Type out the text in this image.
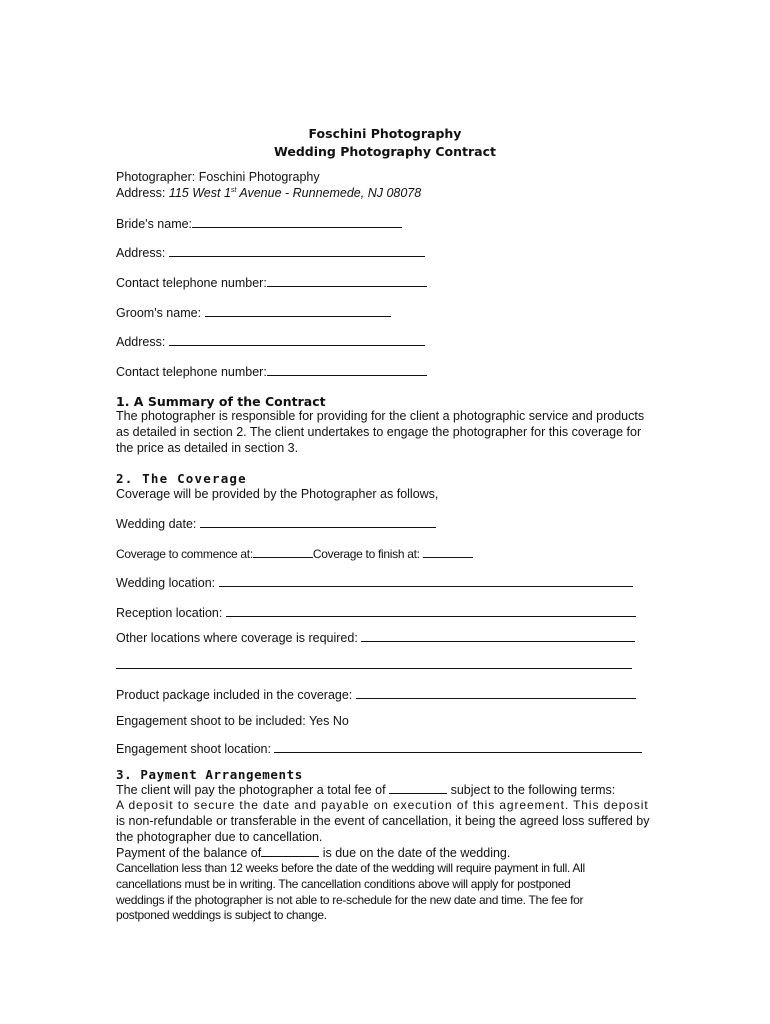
Foschini Photography
Wedding Photography Contract
Photographer: Foschini Photography
Address: 115 West 1st Avenue - Runnemede, NJ 08078
Bride's name:
Address:
Contact telephone number:
Groom's name:
Address:
Contact telephone number:
1. A Summary of the Contract
The photographer is responsible for providing for the client a photographic service and products
as detailed in section 2. The client undertakes to engage the photographer for this coverage for
the price as detailed in section 3.
2. The Coverage
Coverage will be provided by the Photographer as follows,
Wedding date:
Coverage to commence at:	Coverage to finish at:
Wedding location:
Reception location:
Other locations where coverage is required:
Product package included in the coverage:
Engagement shoot to be included: Yes No
Engagement shoot location:
3. Payment Arrangements
The client will pay the photographer a total fee of	subject to the following terms:
A deposit to secure the date and payable on execution of this agreement. This deposit
is non-refundable or transferable in the event of cancellation, it being the agreed loss suffered by
the photographer due to cancellation.
Payment of the balance of	is due on the date of the wedding.
Cancellation less than 12 weeks before the date of the wedding will require payment in full. All
cancellations must be in writing. The cancellation conditions above will apply for postponed
weddings if the photographer is not able to re-schedule for the new date and time. The fee for
postponed weddings is subject to change.
